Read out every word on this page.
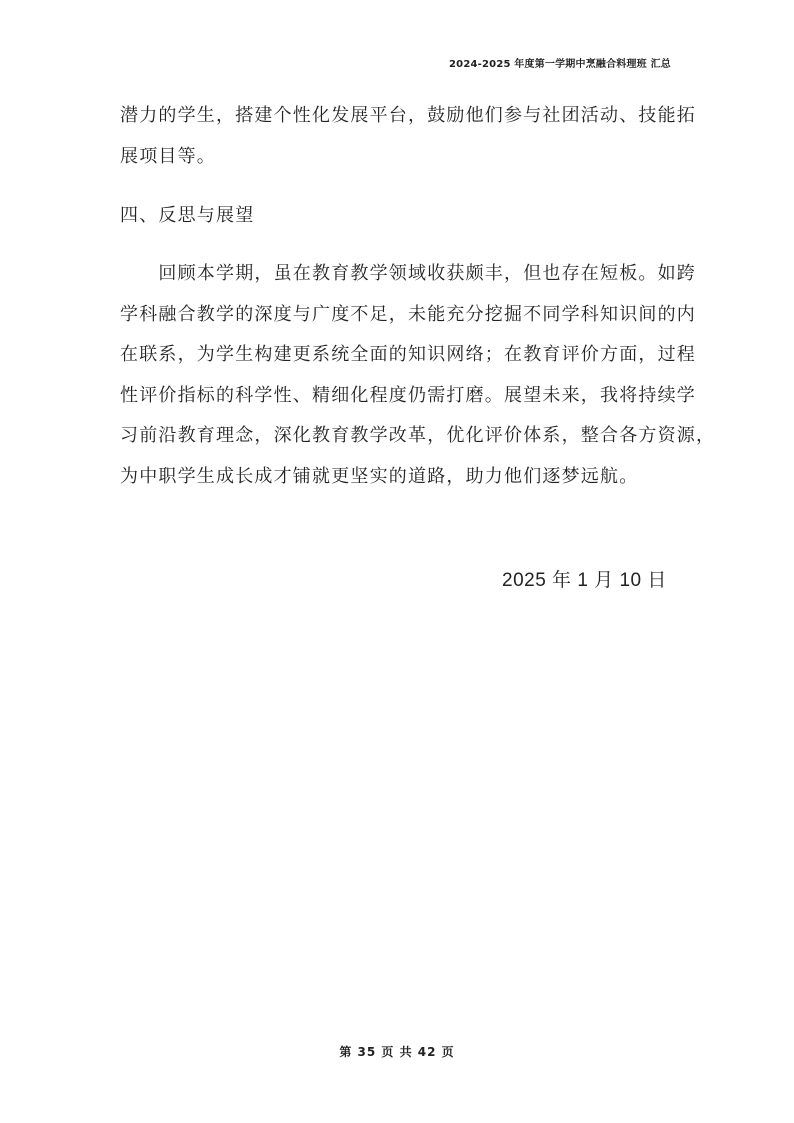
2024-2025 年度第一学期中烹融合料理班 汇总

潜力的学生，搭建个性化发展平台，鼓励他们参与社团活动、技能拓
展项目等。

四、反思与展望

　　回顾本学期，虽在教育教学领域收获颇丰，但也存在短板。如跨
学科融合教学的深度与广度不足，未能充分挖掘不同学科知识间的内
在联系，为学生构建更系统全面的知识网络；在教育评价方面，过程
性评价指标的科学性、精细化程度仍需打磨。展望未来，我将持续学
习前沿教育理念，深化教育教学改革，优化评价体系，整合各方资源，
为中职学生成长成才铺就更坚实的道路，助力他们逐梦远航。

2025 年 1 月 10 日
第 35 页 共 42 页
